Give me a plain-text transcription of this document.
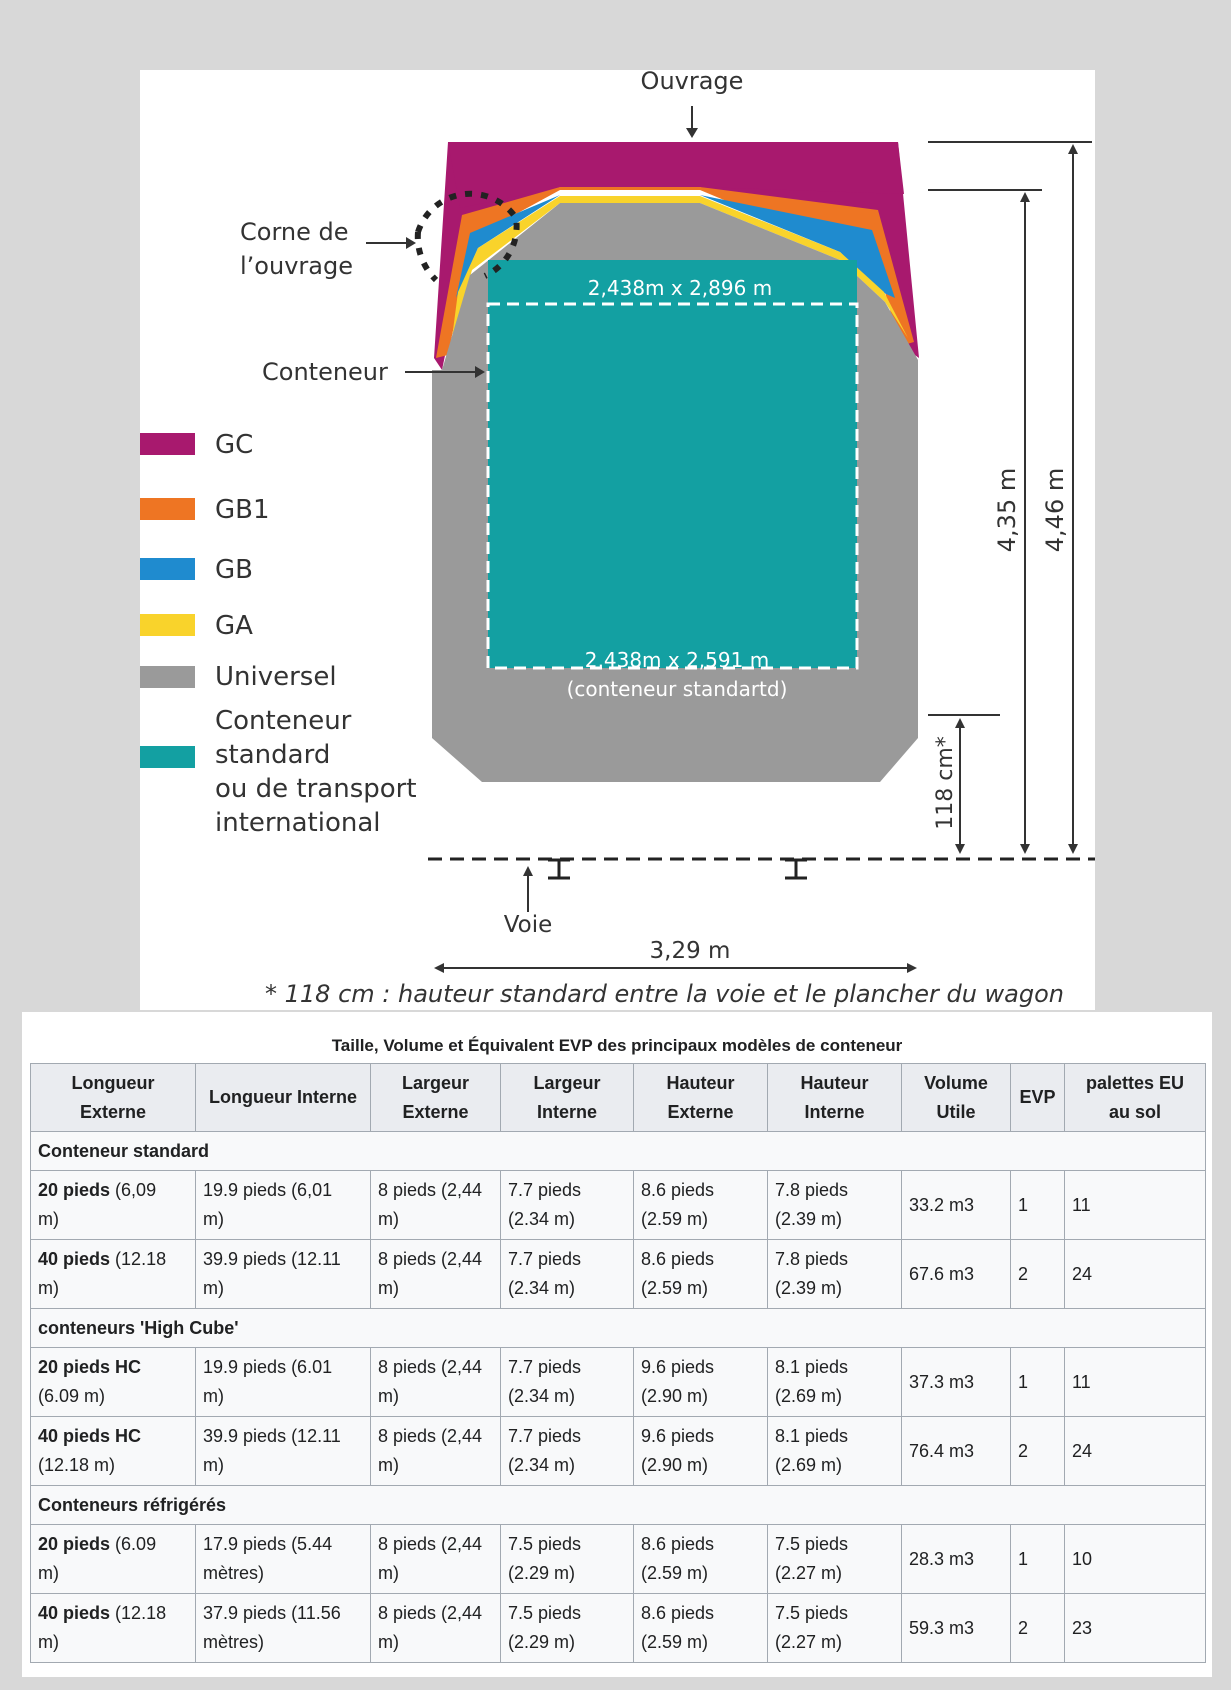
Ouvrage
Corne de
l’ouvrage
Conteneur
2,438m x 2,896 m
2,438m x 2,591 m
(conteneur standartd)
GC
GB1
GB
GA
Universel
Conteneur
standard
ou de transport
international
4,35 m 4,46 m
118 cm*
Voie
3,29 m
* 118 cm : hauteur standard entre la voie et le plancher du wagon
Taille, Volume et Équivalent EVP des principaux modèles de conteneur
Longueur
Externe	Longueur Interne	Largeur
Externe	Largeur
Interne	Hauteur
Externe	Hauteur
Interne	Volume
Utile	EVP	palettes EU
au sol
Conteneur standard								
20 pieds (6,09
m)	19.9 pieds (6,01
m)	8 pieds (2,44
m)	7.7 pieds
(2.34 m)	8.6 pieds
(2.59 m)	7.8 pieds
(2.39 m)	33.2 m3	1	11
40 pieds (12.18
m)	39.9 pieds (12.11
m)	8 pieds (2,44
m)	7.7 pieds
(2.34 m)	8.6 pieds
(2.59 m)	7.8 pieds
(2.39 m)	67.6 m3	2	24
conteneurs 'High Cube'								
20 pieds HC
(6.09 m)	19.9 pieds (6.01
m)	8 pieds (2,44
m)	7.7 pieds
(2.34 m)	9.6 pieds
(2.90 m)	8.1 pieds
(2.69 m)	37.3 m3	1	11
40 pieds HC
(12.18 m)	39.9 pieds (12.11
m)	8 pieds (2,44
m)	7.7 pieds
(2.34 m)	9.6 pieds
(2.90 m)	8.1 pieds
(2.69 m)	76.4 m3	2	24
Conteneurs réfrigérés								
20 pieds (6.09
m)	17.9 pieds (5.44
mètres)	8 pieds (2,44
m)	7.5 pieds
(2.29 m)	8.6 pieds
(2.59 m)	7.5 pieds
(2.27 m)	28.3 m3	1	10
40 pieds (12.18
m)	37.9 pieds (11.56
mètres)	8 pieds (2,44
m)	7.5 pieds
(2.29 m)	8.6 pieds
(2.59 m)	7.5 pieds
(2.27 m)	59.3 m3	2	23
